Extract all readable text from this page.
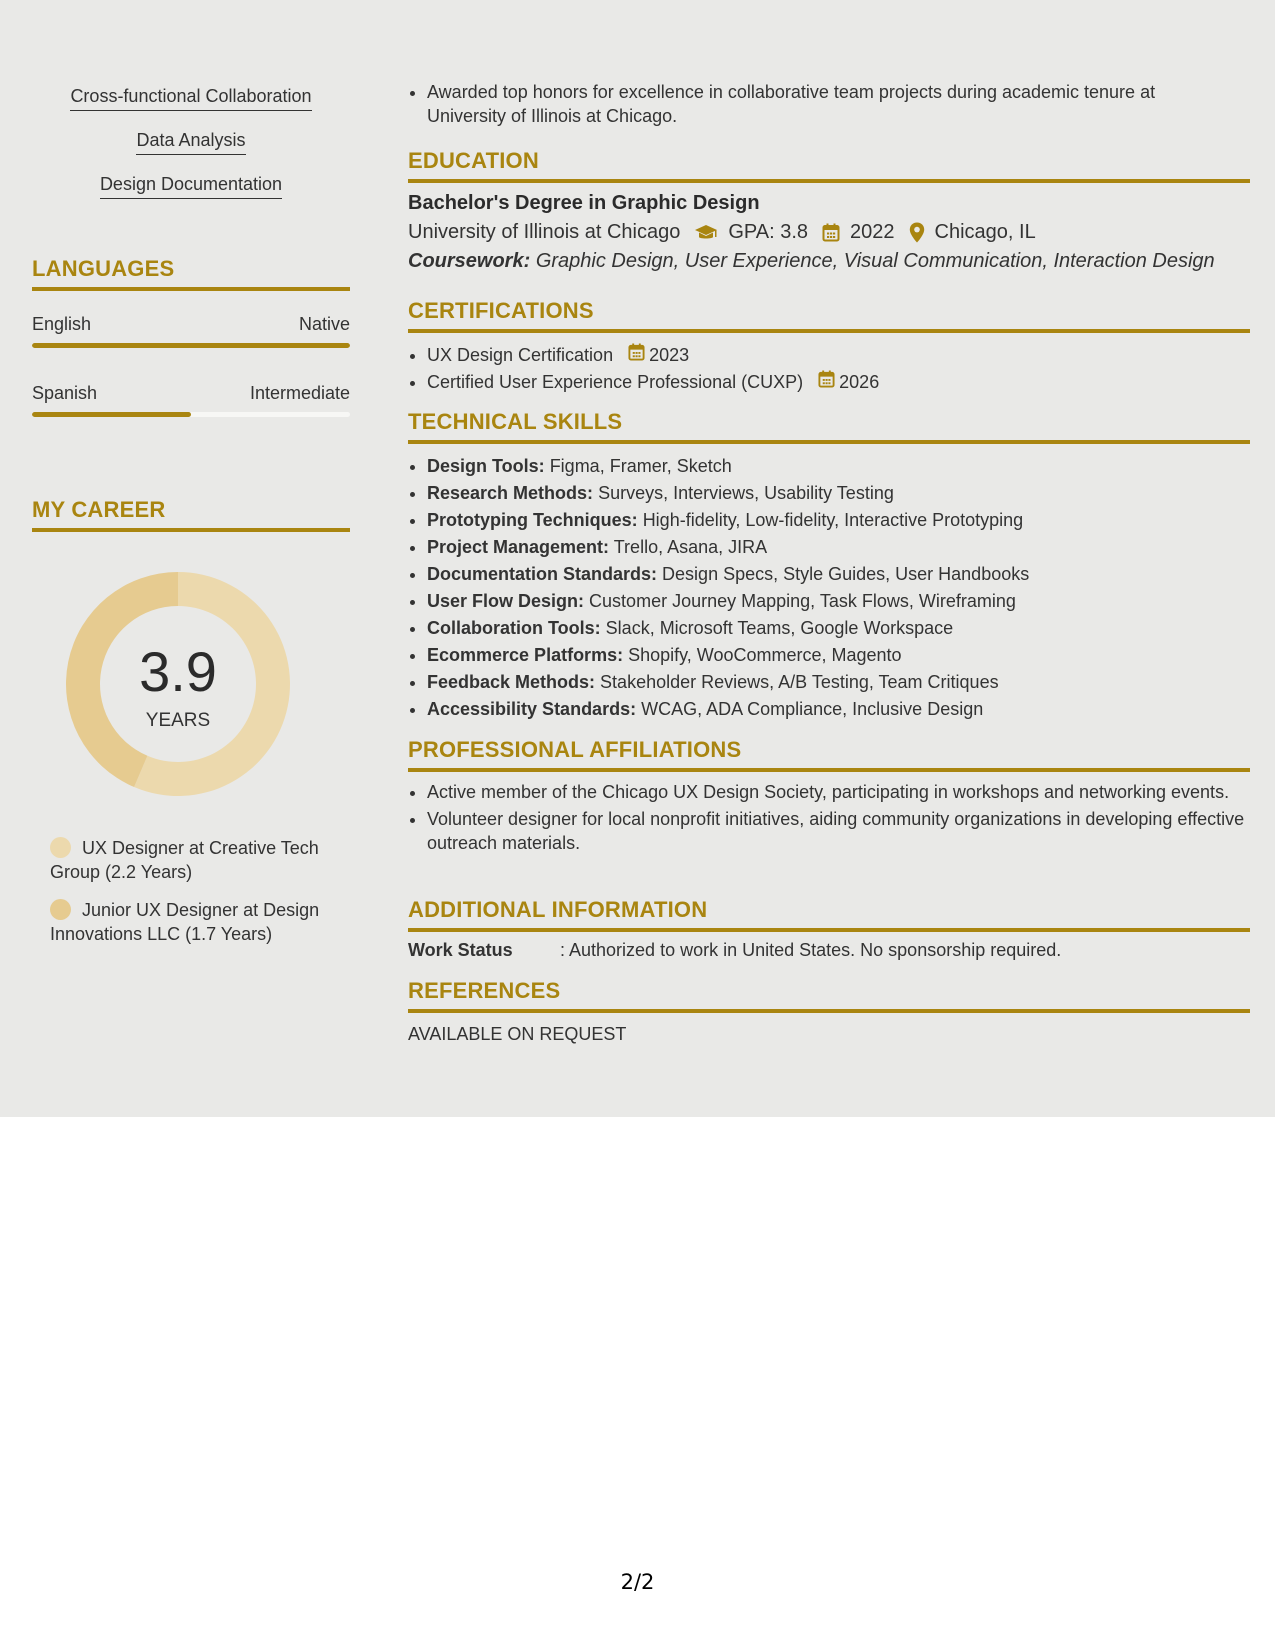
Cross-functional Collaboration
Data Analysis
Design Documentation
LANGUAGES
English	Native
Spanish	Intermediate
MY CAREER
3.9
YEARS
UX Designer at Creative Tech Group (2.2 Years)
Junior UX Designer at Design Innovations LLC (1.7 Years)
• Awarded top honors for excellence in collaborative team projects during academic tenure at University of Illinois at Chicago.
EDUCATION
Bachelor's Degree in Graphic Design
University of Illinois at Chicago GPA: 3.8 2022 Chicago, IL
Coursework: Graphic Design, User Experience, Visual Communication, Interaction Design
CERTIFICATIONS
• UX Design Certification 2023
• Certified User Experience Professional (CUXP) 2026
TECHNICAL SKILLS
• Design Tools: Figma, Framer, Sketch
• Research Methods: Surveys, Interviews, Usability Testing
• Prototyping Techniques: High-fidelity, Low-fidelity, Interactive Prototyping
• Project Management: Trello, Asana, JIRA
• Documentation Standards: Design Specs, Style Guides, User Handbooks
• User Flow Design: Customer Journey Mapping, Task Flows, Wireframing
• Collaboration Tools: Slack, Microsoft Teams, Google Workspace
• Ecommerce Platforms: Shopify, WooCommerce, Magento
• Feedback Methods: Stakeholder Reviews, A/B Testing, Team Critiques
• Accessibility Standards: WCAG, ADA Compliance, Inclusive Design
PROFESSIONAL AFFILIATIONS
• Active member of the Chicago UX Design Society, participating in workshops and networking events.
• Volunteer designer for local nonprofit initiatives, aiding community organizations in developing effective outreach materials.
ADDITIONAL INFORMATION
Work Status	: Authorized to work in United States. No sponsorship required.
REFERENCES
AVAILABLE ON REQUEST
2/2
